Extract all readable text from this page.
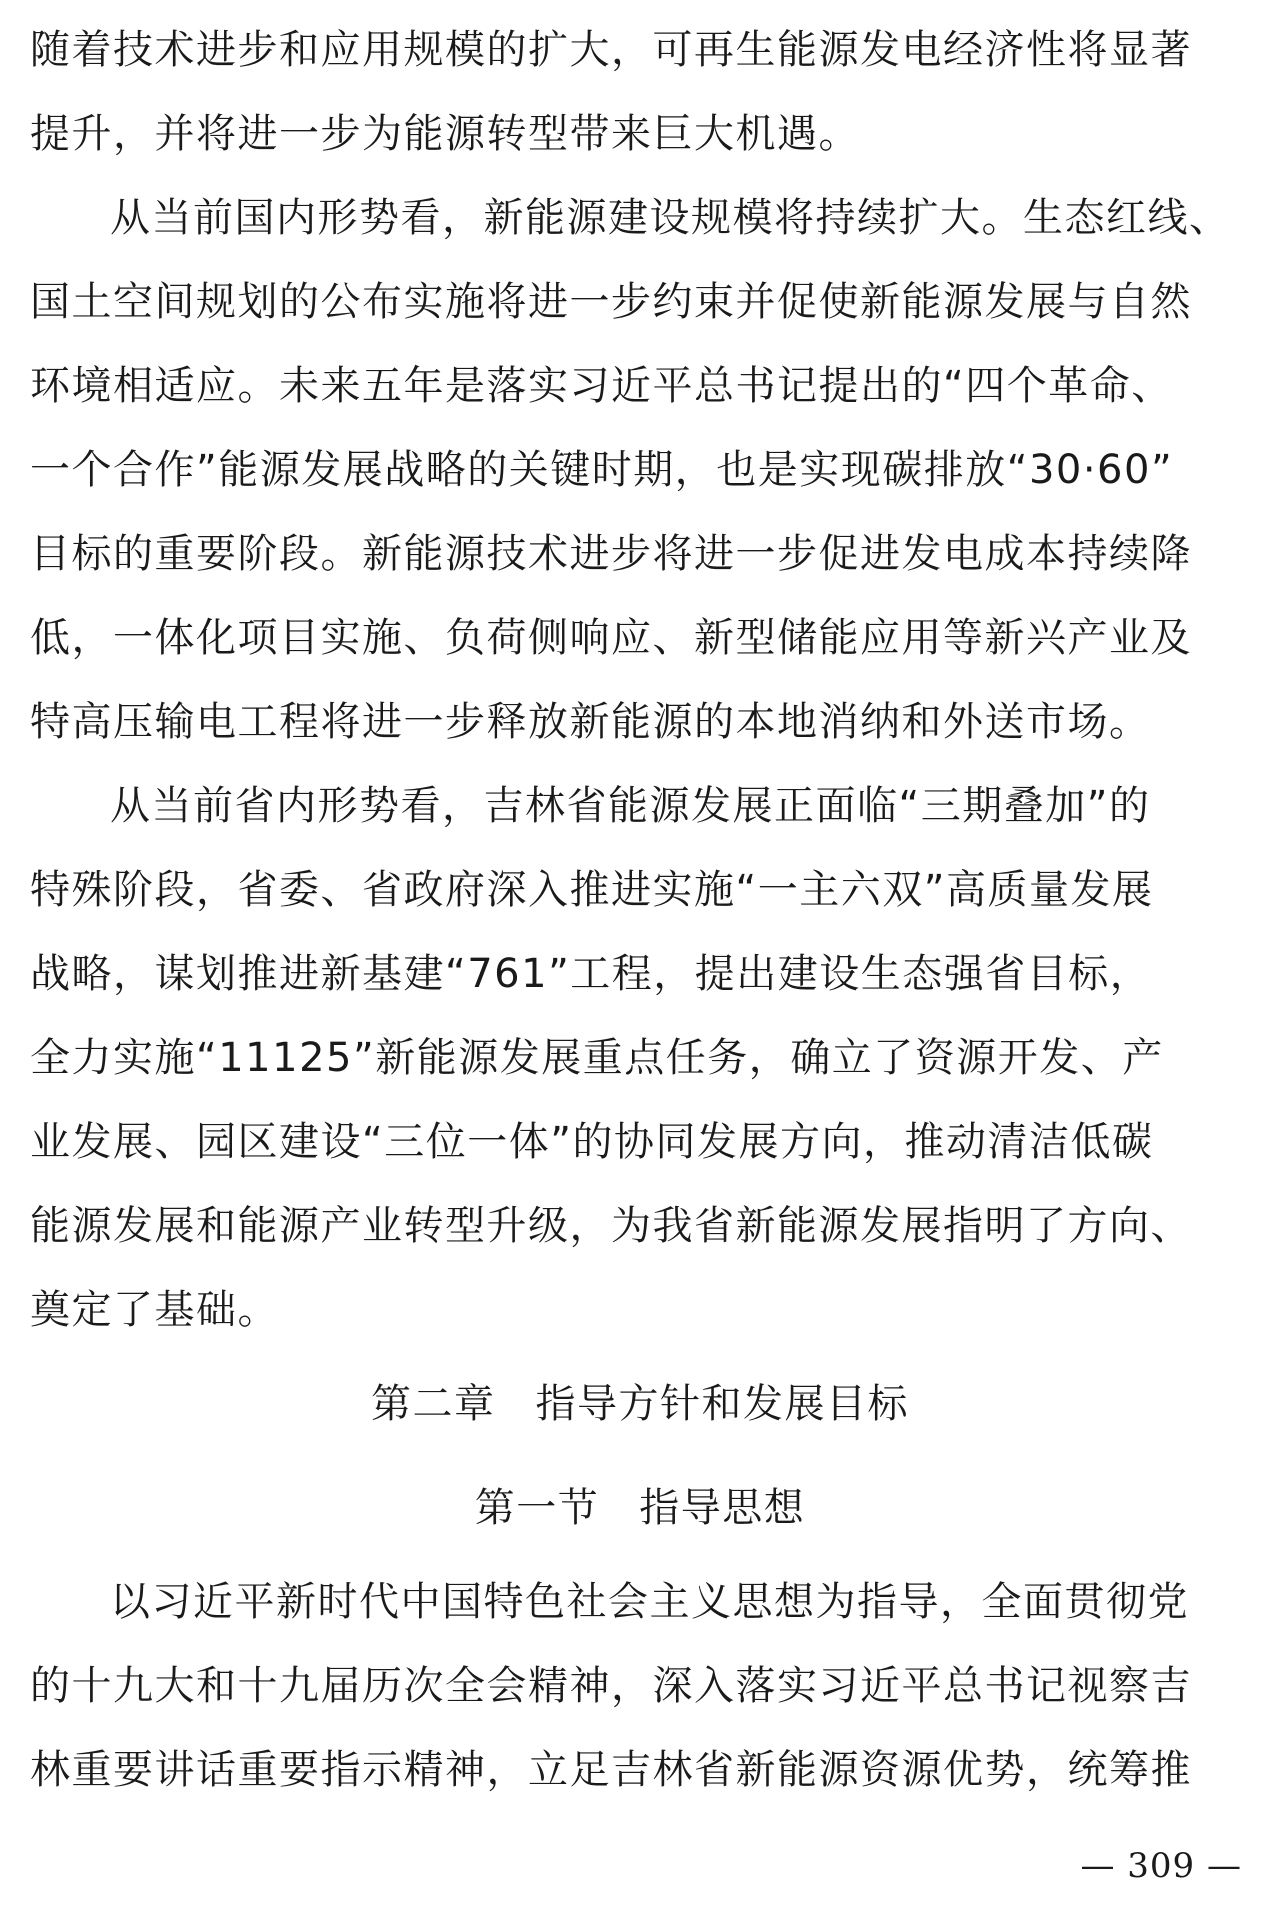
随着技术进步和应用规模的扩大，可再生能源发电经济性将显著
提升，并将进一步为能源转型带来巨大机遇。
从当前国内形势看，新能源建设规模将持续扩大。生态红线、
国土空间规划的公布实施将进一步约束并促使新能源发展与自然
环境相适应。未来五年是落实习近平总书记提出的“四个革命、
一个合作”能源发展战略的关键时期，也是实现碳排放“30·60”
目标的重要阶段。新能源技术进步将进一步促进发电成本持续降
低，一体化项目实施、负荷侧响应、新型储能应用等新兴产业及
特高压输电工程将进一步释放新能源的本地消纳和外送市场。
从当前省内形势看，吉林省能源发展正面临“三期叠加”的
特殊阶段，省委、省政府深入推进实施“一主六双”高质量发展
战略，谋划推进新基建“761”工程，提出建设生态强省目标，
全力实施“11125”新能源发展重点任务，确立了资源开发、产
业发展、园区建设“三位一体”的协同发展方向，推动清洁低碳
能源发展和能源产业转型升级，为我省新能源发展指明了方向、
奠定了基础。
第二章 指导方针和发展目标
第一节 指导思想
以习近平新时代中国特色社会主义思想为指导，全面贯彻党
的十九大和十九届历次全会精神，深入落实习近平总书记视察吉
林重要讲话重要指示精神，立足吉林省新能源资源优势，统筹推
— 309 —
